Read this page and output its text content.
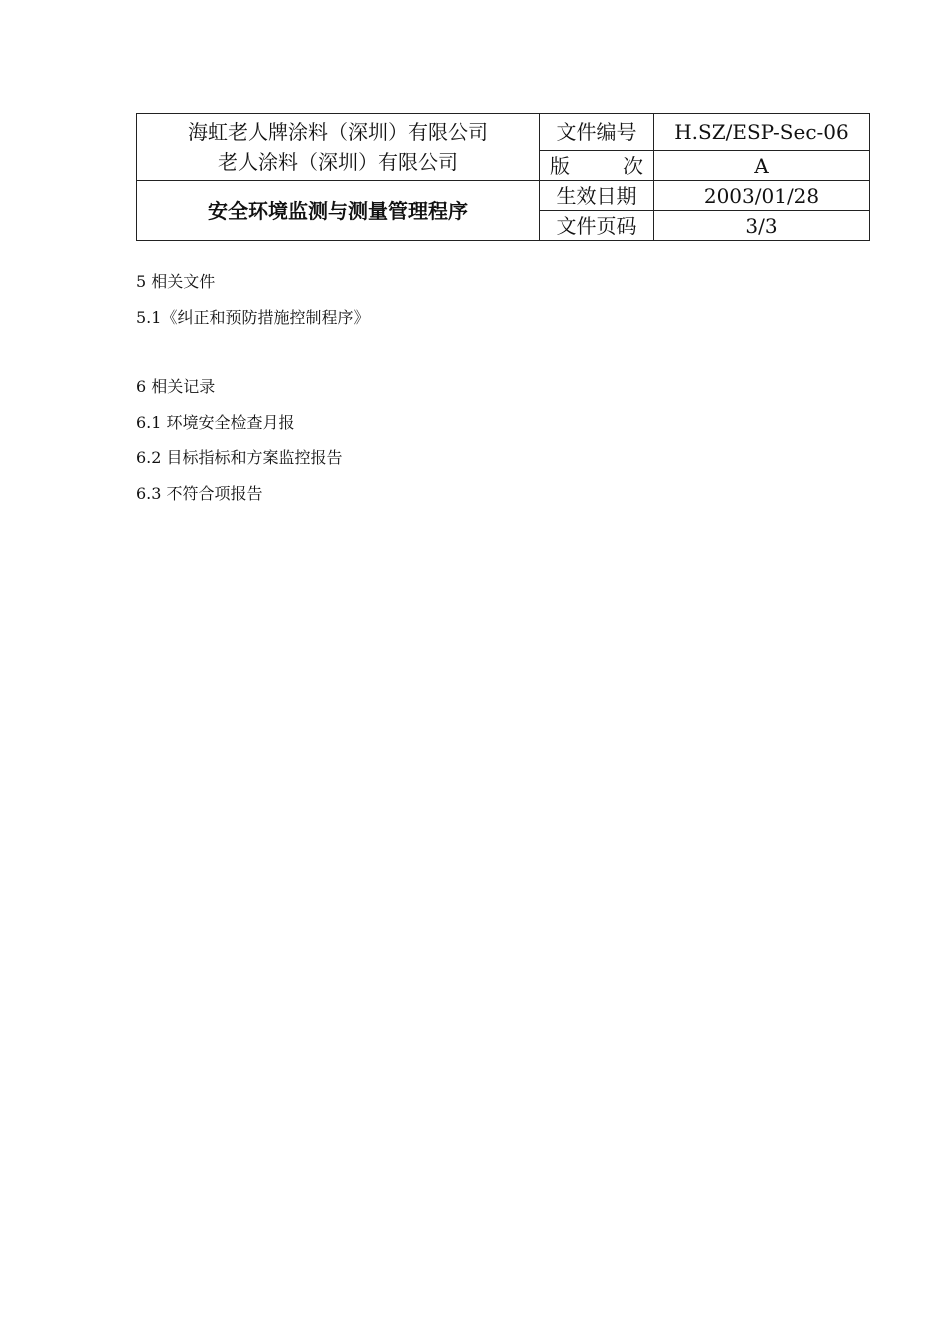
海虹老人牌涂料（深圳）有限公司
老人涂料（深圳）有限公司	文件编号	H.SZ/ESP-Sec-06

	版 次	A
安全环境监测与测量管理程序	生效日期	2003/01/28
	文件页码	3/3
5 相关文件
5.1《纠正和预防措施控制程序》
6 相关记录
6.1 环境安全检查月报
6.2 目标指标和方案监控报告
6.3 不符合项报告
